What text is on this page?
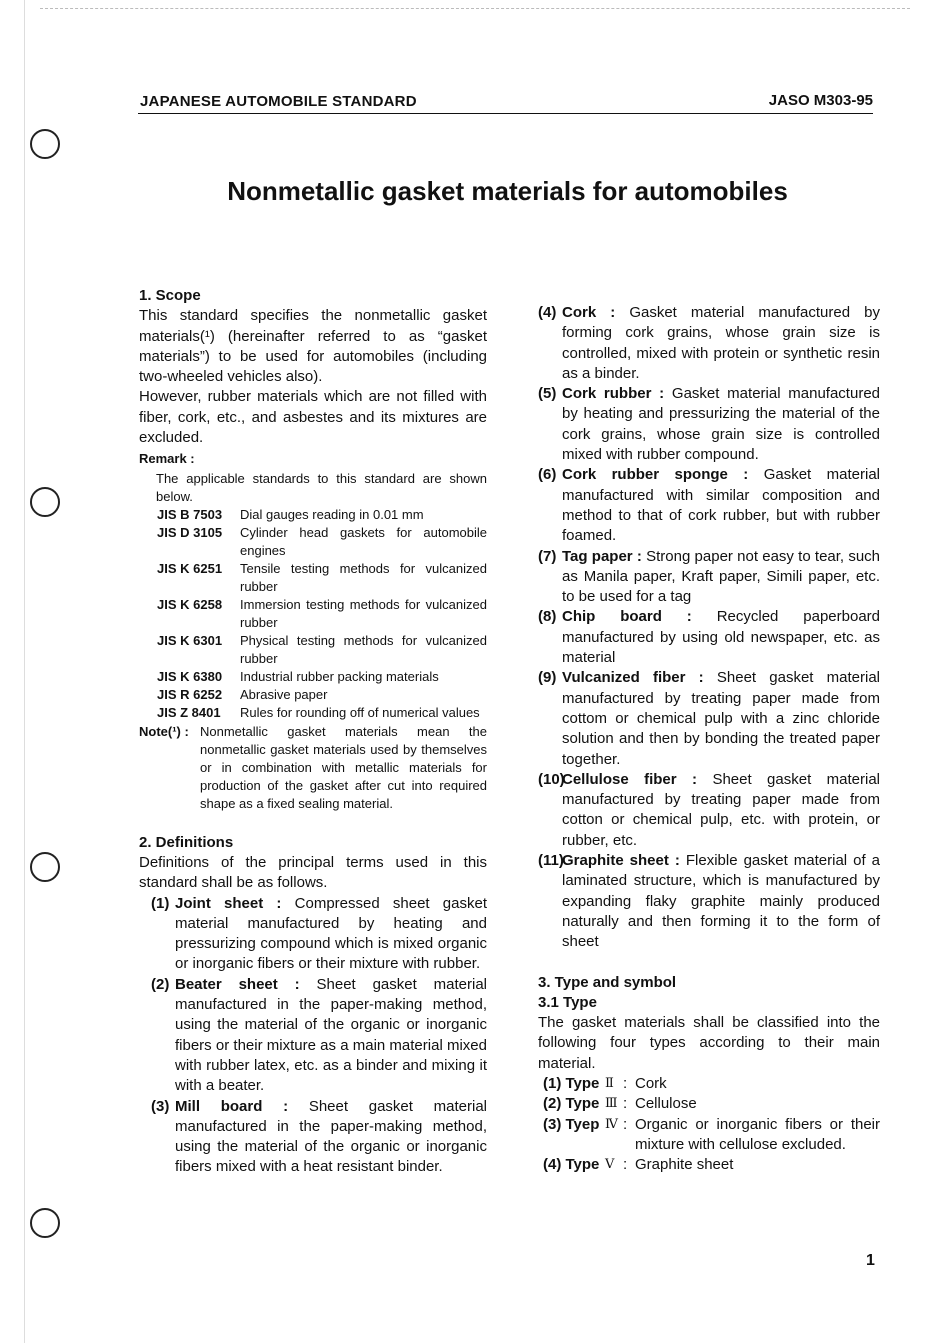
JAPANESE AUTOMOBILE STANDARD	JASO M303-95
Nonmetallic gasket materials for automobiles
1. Scope
This standard specifies the nonmetallic gasket materials(¹) (hereinafter referred to as “gasket materials”) to be used for automobiles (including two-wheeled vehicles also).
However, rubber materials which are not filled with fiber, cork, etc., and asbestes and its mixtures are excluded.
Remark :
The applicable standards to this standard are shown below.
JIS B 7503	Dial gauges reading in 0.01 mm
JIS D 3105	Cylinder head gaskets for automobile engines
JIS K 6251	Tensile testing methods for vulcanized rubber
JIS K 6258	Immersion testing methods for vulcanized rubber
JIS K 6301	Physical testing methods for vulcanized rubber
JIS K 6380	Industrial rubber packing materials
JIS R 6252	Abrasive paper
JIS Z 8401	Rules for rounding off of numerical values
Note(¹) : Nonmetallic gasket materials mean the nonmetallic gasket materials used by themselves or in combination with metallic materials for production of the gasket after cut into required shape as a fixed sealing material.
2. Definitions
Definitions of the principal terms used in this standard shall be as follows.
(1) Joint sheet : Compressed sheet gasket material manufactured by heating and pressurizing compound which is mixed organic or inorganic fibers or their mixture with rubber.
(2) Beater sheet : Sheet gasket material manufactured in the paper-making method, using the material of the organic or inorganic fibers or their mixture as a main material mixed with rubber latex, etc. as a binder and mixing it with a beater.
(3) Mill board : Sheet gasket material manufactured in the paper-making method, using the material of the organic or inorganic fibers mixed with a heat resistant binder.
(4) Cork : Gasket material manufactured by forming cork grains, whose grain size is controlled, mixed with protein or synthetic resin as a binder.
(5) Cork rubber : Gasket material manufactured by heating and pressurizing the material of the cork grains, whose grain size is controlled mixed with rubber compound.
(6) Cork rubber sponge : Gasket material manufactured with similar composition and method to that of cork rubber, but with rubber foamed.
(7) Tag paper : Strong paper not easy to tear, such as Manila paper, Kraft paper, Simili paper, etc. to be used for a tag
(8) Chip board : Recycled paperboard manufactured by using old newspaper, etc. as material
(9) Vulcanized fiber : Sheet gasket material manufactured by treating paper made from cottom or chemical pulp with a zinc chloride solution and then by bonding the treated paper together.
(10)
Cellulose fiber : Sheet gasket material manufactured by treating paper made from cotton or chemical pulp, etc. with protein, or rubber, etc.
(11)
Graphite sheet : Flexible gasket material of a laminated structure, which is manufactured by expanding flaky graphite mainly produced naturally and then forming it to the form of sheet
3. Type and symbol
3.1 Type
The gasket materials shall be classified into the following four types according to their main material.
(1) Type Ⅱ : Cork
(2) Type Ⅲ : Cellulose
(3) Tyep Ⅳ : Organic or inorganic fibers or their mixture with cellulose excluded.
(4) Type Ⅴ : Graphite sheet
1
